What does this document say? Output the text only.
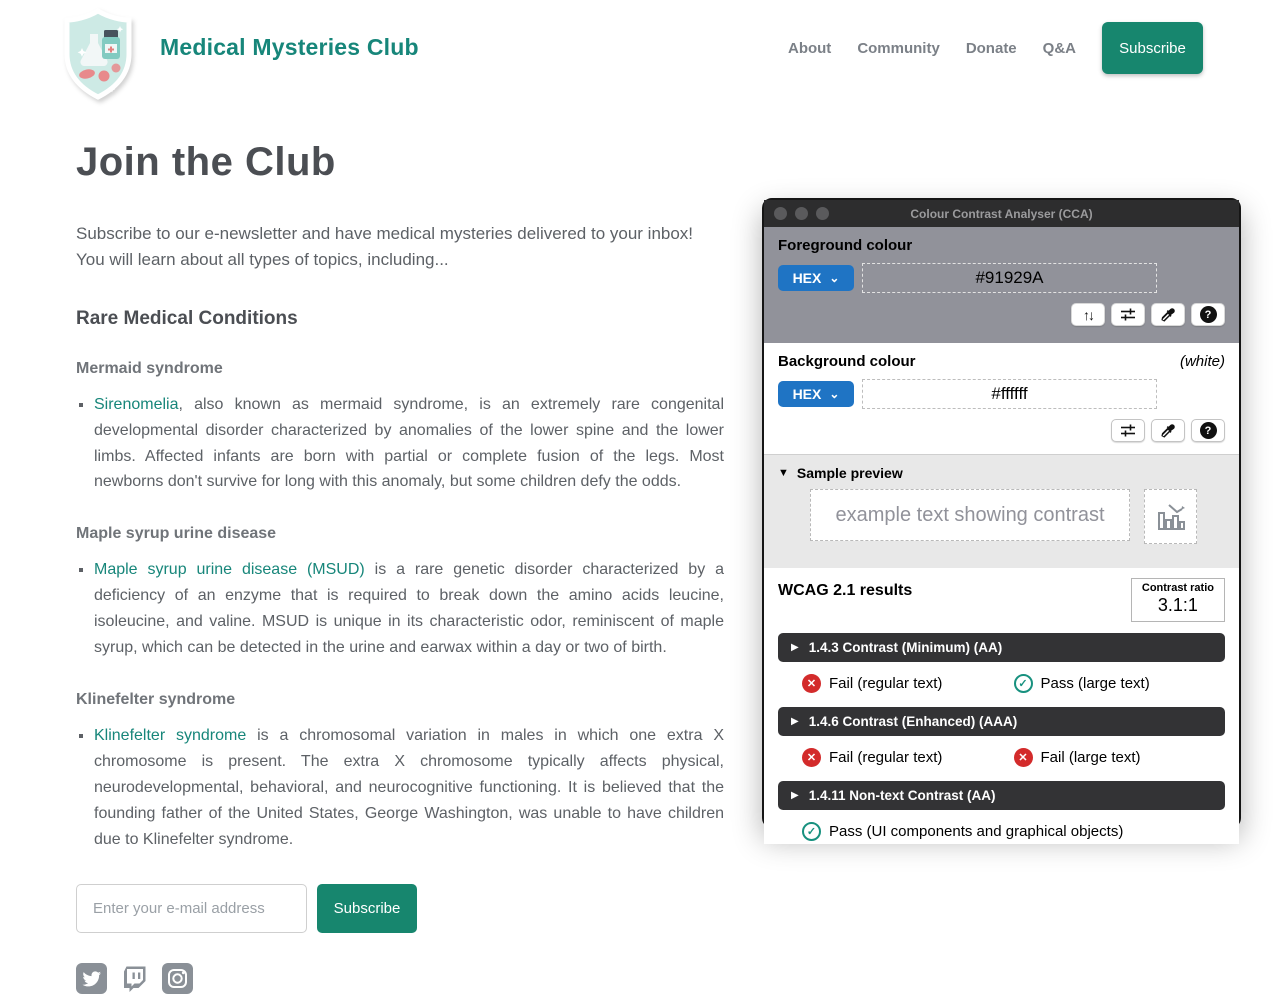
Medical Mysteries Club	About Community Donate Q&A	Subscribe
Join the Club
Subscribe to our e-newsletter and have medical mysteries delivered to your inbox! You will learn about all types of topics, including...
Rare Medical Conditions
Mermaid syndrome
▪ Sirenomelia, also known as mermaid syndrome, is an extremely rare congenital developmental disorder characterized by anomalies of the lower spine and the lower limbs. Affected infants are born with partial or complete fusion of the legs. Most newborns don't survive for long with this anomaly, but some children defy the odds.
Maple syrup urine disease
▪ Maple syrup urine disease (MSUD) is a rare genetic disorder characterized by a deficiency of an enzyme that is required to break down the amino acids leucine, isoleucine, and valine. MSUD is unique in its characteristic odor, reminiscent of maple syrup, which can be detected in the urine and earwax within a day or two of birth.
Klinefelter syndrome
▪ Klinefelter syndrome is a chromosomal variation in males in which one extra X chromosome is present. The extra X chromosome typically affects physical, neurodevelopmental, behavioral, and neurocognitive functioning. It is believed that the founding father of the United States, George Washington, was unable to have children due to Klinefelter syndrome.
Enter your e-mail address
Subscribe
Colour Contrast Analyser (CCA)
Foreground colour
HEX ⌄
#91929A
↑↓	?
Background colour	(white)
HEX ⌄
#ffffff
?
▼ Sample preview
example text showing contrast
WCAG 2.1 results	Contrast ratio
3.1:1
▶ 1.4.3 Contrast (Minimum) (AA)
✕ Fail (regular text)	✓ Pass (large text)
▶ 1.4.6 Contrast (Enhanced) (AAA)
✕ Fail (regular text)	✕ Fail (large text)
▶ 1.4.11 Non-text Contrast (AA)
✓ Pass (UI components and graphical objects)
